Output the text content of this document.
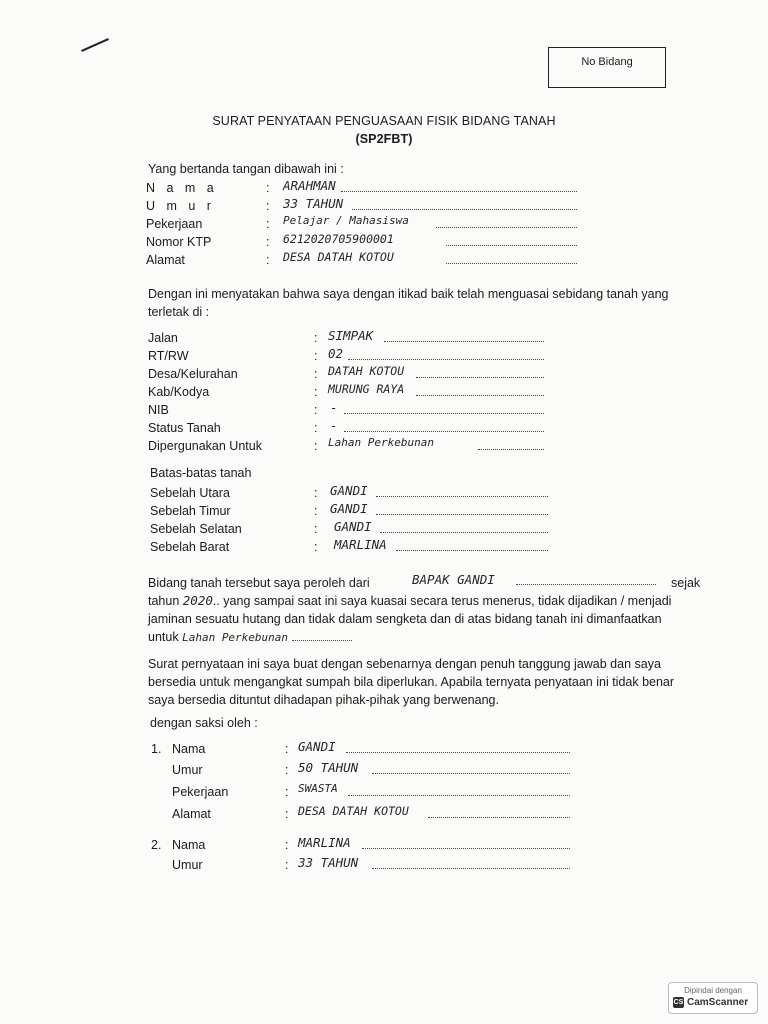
No Bidang
SURAT PENYATAAN PENGUASAAN FISIK BIDANG TANAH
(SP2FBT)
Yang bertanda tangan dibawah ini :
N a m a	: ARAHMAN
U m u r	: 33 TAHUN
Pekerjaan	: Pelajar / Mahasiswa
Nomor KTP	: 6212020705900001
Alamat	: DESA DATAH KOTOU
Dengan ini menyatakan bahwa saya dengan itikad baik telah menguasai sebidang tanah yang
terletak di :
Jalan	: SIMPAK
RT/RW	: 02
Desa/Kelurahan	: DATAH KOTOU
Kab/Kodya	: MURUNG RAYA
NIB	: -
Status Tanah	: -
Dipergunakan Untuk	: Lahan Perkebunan
Batas-batas tanah
Sebelah Utara	: GANDI
Sebelah Timur	: GANDI
Sebelah Selatan	: GANDI
Sebelah Barat	: MARLINA
Bidang tanah tersebut saya peroleh dari	BAPAK GANDI	sejak
tahun 2020.. yang sampai saat ini saya kuasai secara terus menerus, tidak dijadikan / menjadi
jaminan sesuatu hutang dan tidak dalam sengketa dan di atas bidang tanah ini dimanfaatkan
untuk Lahan Perkebunan
Surat pernyataan ini saya buat dengan sebenarnya dengan penuh tanggung jawab dan saya
bersedia untuk mengangkat sumpah bila diperlukan. Apabila ternyata penyataan ini tidak benar
saya bersedia dituntut dihadapan pihak-pihak yang berwenang.
dengan saksi oleh :
1. Nama	: GANDI
Umur	: 50 TAHUN
Pekerjaan	: SWASTA
Alamat	: DESA DATAH KOTOU
2. Nama	: MARLINA
Umur	: 33 TAHUN
Dipindai dengan
CS CamScanner
